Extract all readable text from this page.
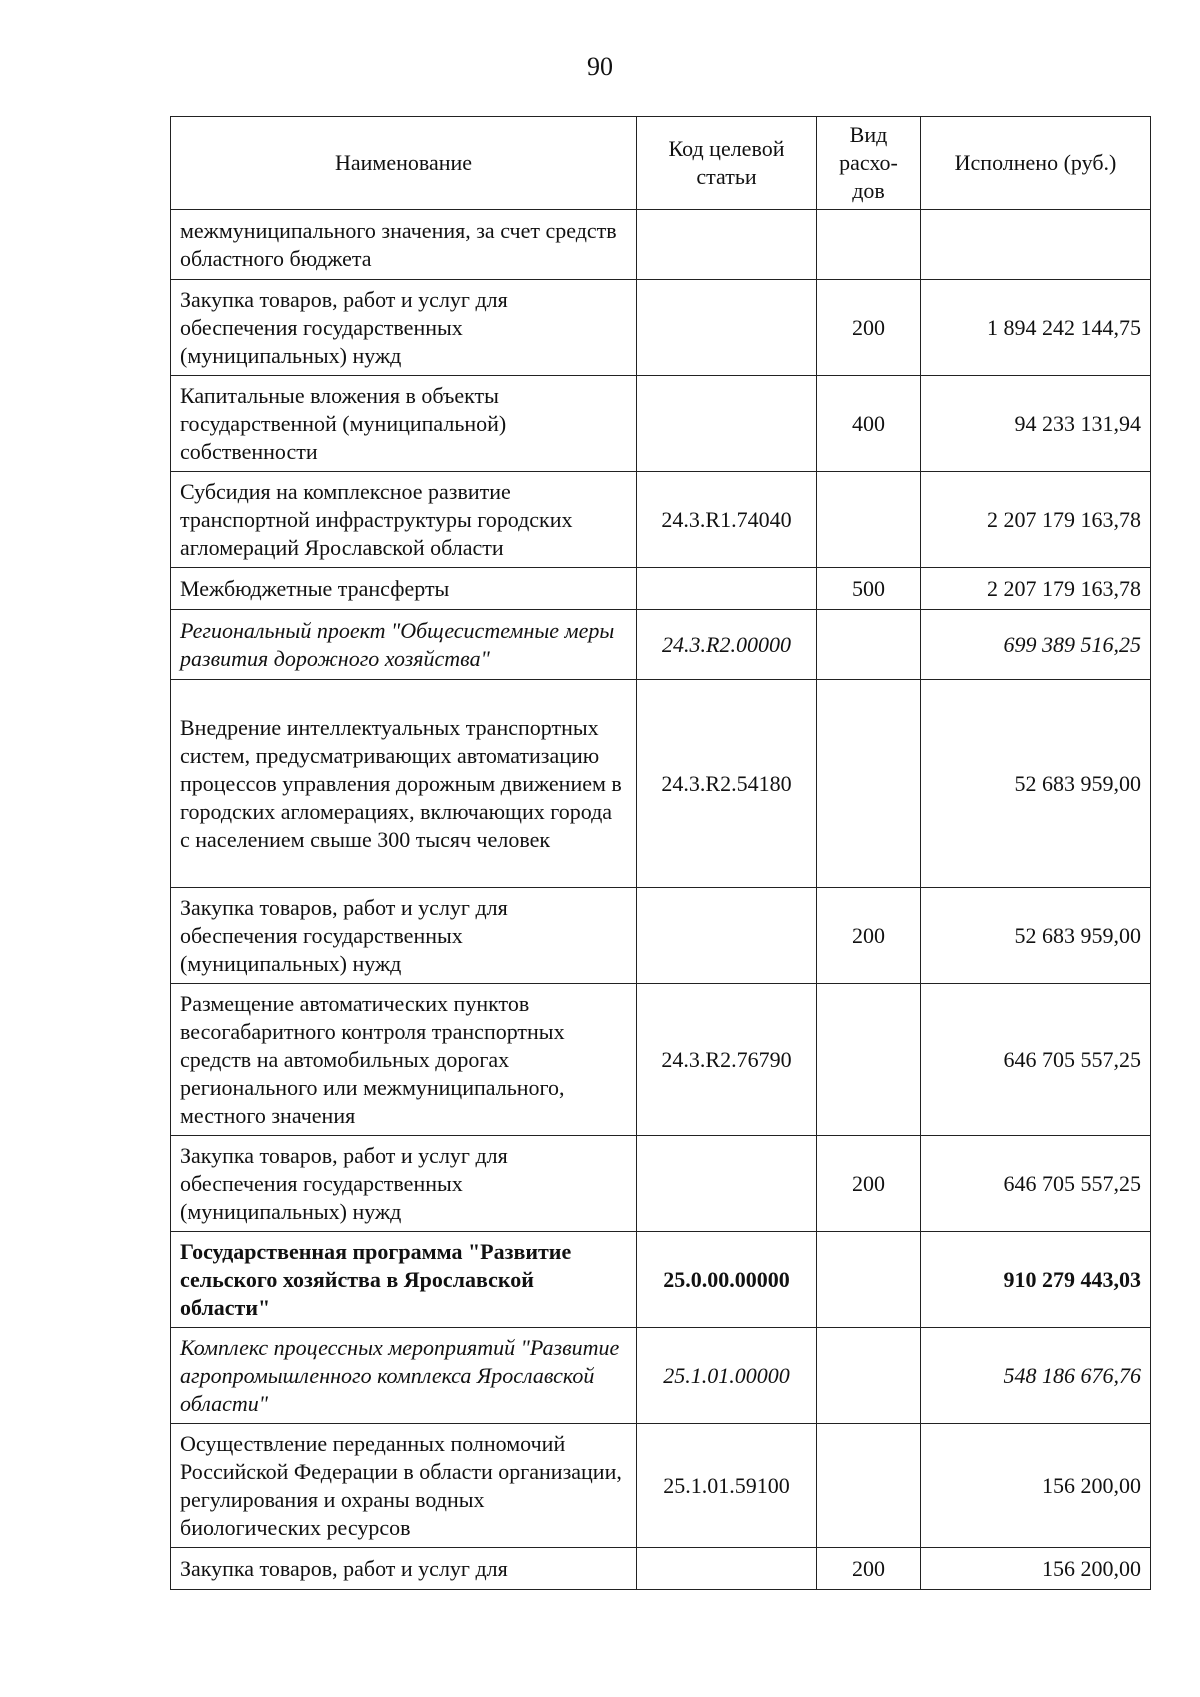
90
Наименование	Код целевой статьи	Вид расхо-дов	Исполнено (руб.)
межмуниципального значения, за счет средств областного бюджета			
Закупка товаров, работ и услуг для обеспечения государственных (муниципальных) нужд		200	1 894 242 144,75
Капитальные вложения в объекты государственной (муниципальной) собственности		400	94 233 131,94
Субсидия на комплексное развитие транспортной инфраструктуры городских агломераций Ярославской области	24.3.R1.74040		2 207 179 163,78
Межбюджетные трансферты		500	2 207 179 163,78
Региональный проект "Общесистемные меры развития дорожного хозяйства"	24.3.R2.00000		699 389 516,25
Внедрение интеллектуальных транспортных систем, предусматривающих автоматизацию процессов управления дорожным движением в городских агломерациях, включающих города с населением свыше 300 тысяч человек	24.3.R2.54180		52 683 959,00
Закупка товаров, работ и услуг для обеспечения государственных (муниципальных) нужд		200	52 683 959,00
Размещение автоматических пунктов весогабаритного контроля транспортных средств на автомобильных дорогах регионального или межмуниципального, местного значения	24.3.R2.76790		646 705 557,25
Закупка товаров, работ и услуг для обеспечения государственных (муниципальных) нужд		200	646 705 557,25
Государственная программа "Развитие сельского хозяйства в Ярославской области"	25.0.00.00000		910 279 443,03
Комплекс процессных мероприятий "Развитие агропромышленного комплекса Ярославской области"	25.1.01.00000		548 186 676,76
Осуществление переданных полномочий Российской Федерации в области организации, регулирования и охраны водных биологических ресурсов	25.1.01.59100		156 200,00
Закупка товаров, работ и услуг для		200	156 200,00
